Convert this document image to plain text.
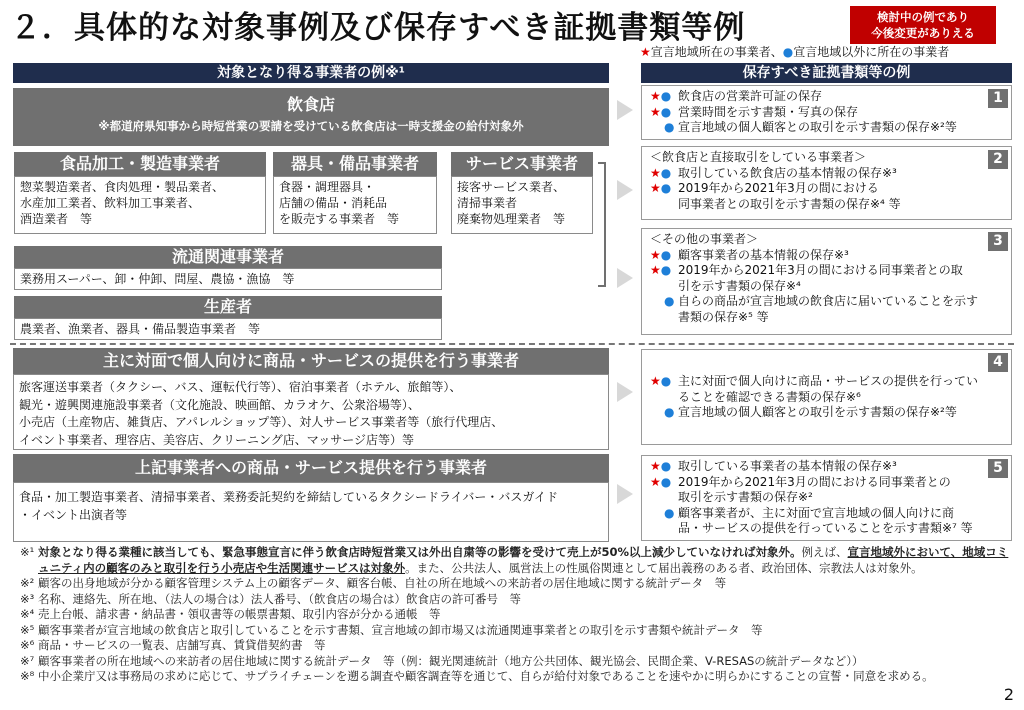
２．具体的な対象事例及び保存すべき証拠書類等例	検討中の例であり
今後変更がありえる
★宣言地域所在の事業者、●宣言地域以外に所在の事業者
対象となり得る事業者の例※¹	保存すべき証拠書類等の例
飲食店
※都道府県知事から時短営業の要請を受けている飲食店は一時支援金の給付対象外
食品加工・製造事業者
惣菜製造業者、食肉処理・製品業者、
水産加工業者、飲料加工事業者、
酒造業者　等
器具・備品事業者
食器・調理器具・
店舗の備品・消耗品
を販売する事業者　等
サービス事業者
接客サービス業者、
清掃事業者
廃棄物処理業者　等
流通関連事業者
業務用スーパー、卸・仲卸、問屋、農協・漁協　等
生産者
農業者、漁業者、器具・備品製造事業者　等
主に対面で個人向けに商品・サービスの提供を行う事業者
旅客運送事業者（タクシー、バス、運転代行等）、宿泊事業者（ホテル、旅館等）、
観光・遊興関連施設事業者（文化施設、映画館、カラオケ、公衆浴場等）、
小売店（土産物店、雑貨店、アパレルショップ等）、対人サービス事業者等（旅行代理店、
イベント事業者、理容店、美容店、クリーニング店、マッサージ店等）等
上記事業者への商品・サービス提供を行う事業者
食品・加工製造事業者、清掃事業者、業務委託契約を締結しているタクシードライバー・バスガイド
・イベント出演者等
1
★● 飲食店の営業許可証の保存
★● 営業時間を示す書類・写真の保存
● 宣言地域の個人顧客との取引を示す書類の保存※²等
2
＜飲食店と直接取引をしている事業者＞
★● 取引している飲食店の基本情報の保存※³
★● 2019年から2021年3月の間における
同事業者との取引を示す書類の保存※⁴ 等
3
＜その他の事業者＞
★● 顧客事業者の基本情報の保存※³
★● 2019年から2021年3月の間における同事業者との取
引を示す書類の保存※⁴
● 自らの商品が宣言地域の飲食店に届いていることを示す
書類の保存※⁵ 等
4
★● 主に対面で個人向けに商品・サービスの提供を行ってい
ることを確認できる書類の保存※⁶
● 宣言地域の個人顧客との取引を示す書類の保存※²等
5
★● 取引している事業者の基本情報の保存※³
★● 2019年から2021年3月の間における同事業者との
取引を示す書類の保存※²
● 顧客事業者が、主に対面で宣言地域の個人向けに商
品・サービスの提供を行っていることを示す書類※⁷ 等
※¹ 対象となり得る業種に該当しても、緊急事態宣言に伴う飲食店時短営業又は外出自粛等の影響を受けて売上が50%以上減少していなければ対象外。例えば、宣言地域外において、地域コミュニティ内の顧客のみと取引を行う小売店や生活関連サービスは対象外。また、公共法人、風営法上の性風俗関連として届出義務のある者、政治団体、宗教法人は対象外。
※² 顧客の出身地域が分かる顧客管理システム上の顧客データ、顧客台帳、自社の所在地域への来訪者の居住地域に関する統計データ　等
※³ 名称、連絡先、所在地、（法人の場合は）法人番号、（飲食店の場合は）飲食店の許可番号　等
※⁴ 売上台帳、請求書・納品書・領収書等の帳票書類、取引内容が分かる通帳　等
※⁵ 顧客事業者が宣言地域の飲食店と取引していることを示す書類、宣言地域の卸市場又は流通関連事業者との取引を示す書類や統計データ　等
※⁶ 商品・サービスの一覧表、店舗写真、賃貸借契約書　等
※⁷ 顧客事業者の所在地域への来訪者の居住地域に関する統計データ　等（例：観光関連統計（地方公共団体、観光協会、民間企業、V-RESASの統計データなど））
※⁸ 中小企業庁又は事務局の求めに応じて、サプライチェーンを遡る調査や顧客調査等を通じて、自らが給付対象であることを速やかに明らかにすることの宣誓・同意を求める。
2
